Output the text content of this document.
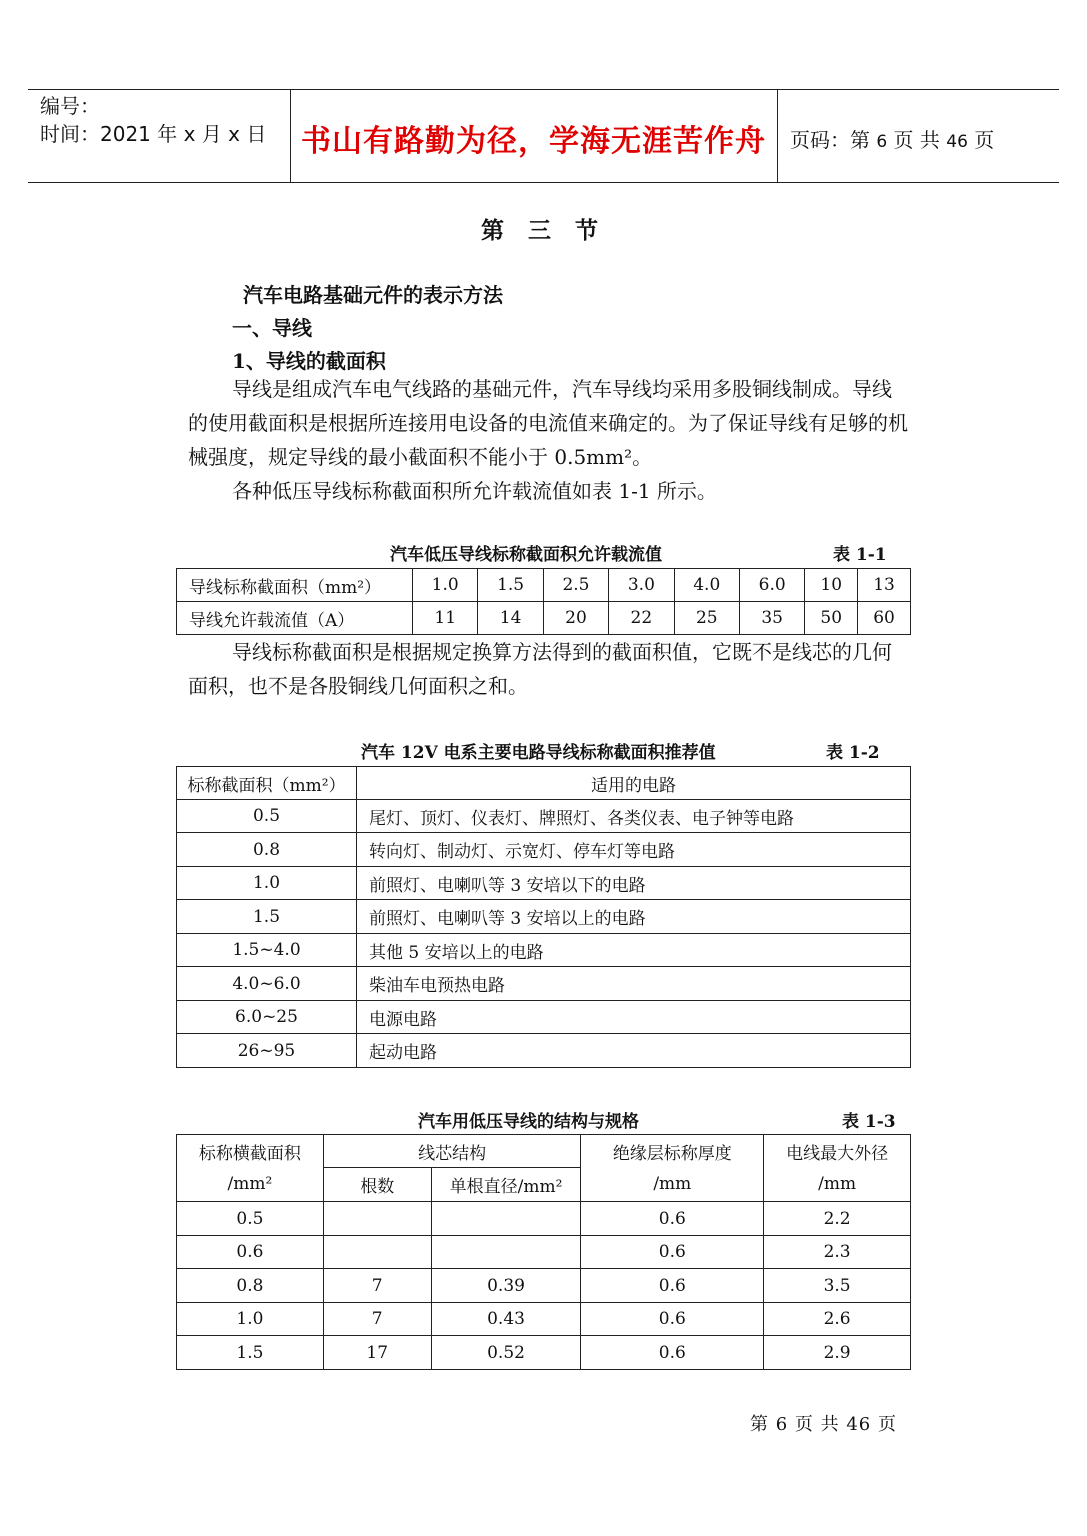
编号：
时间：2021 年 x 月 x 日	书山有路勤为径，学海无涯苦作舟	页码：第 6 页 共 46 页
第 三 节
汽车电路基础元件的表示方法
一、导线
1、导线的截面积

导线是组成汽车电气线路的基础元件，汽车导线均采用多股铜线制成。导线的使用截面积是根据所连接用电设备的电流值来确定的。为了保证导线有足够的机械强度，规定导线的最小截面积不能小于 0.5mm²。

各种低压导线标称截面积所允许载流值如表 1-1 所示。

汽车低压导线标称截面积允许载流值	表 1-1
导线标称截面积（mm²）	1.0	1.5	2.5	3.0	4.0	6.0	10	13
导线允许载流值（A）	11	14	20	22	25	35	50	60

导线标称截面积是根据规定换算方法得到的截面积值，它既不是线芯的几何面积，也不是各股铜线几何面积之和。

汽车 12V 电系主要电路导线标称截面积推荐值	表 1-2
标称截面积（mm²）	适用的电路
0.5	尾灯、顶灯、仪表灯、牌照灯、各类仪表、电子钟等电路
0.8	转向灯、制动灯、示宽灯、停车灯等电路
1.0	前照灯、电喇叭等 3 安培以下的电路
1.5	前照灯、电喇叭等 3 安培以上的电路
1.5~4.0	其他 5 安培以上的电路
4.0~6.0	柴油车电预热电路
6.0~25	电源电路
26~95	起动电路
汽车用低压导线的结构与规格	表 1-3
标称横截面积	线芯结构		绝缘层标称厚度	电线最大外径
/mm²	根数	单根直径/mm²	/mm	/mm
0.5			0.6	2.2
0.6			0.6	2.3
0.8	7	0.39	0.6	3.5
1.0	7	0.43	0.6	2.6
1.5	17	0.52	0.6	2.9
第 6 页 共 46 页
